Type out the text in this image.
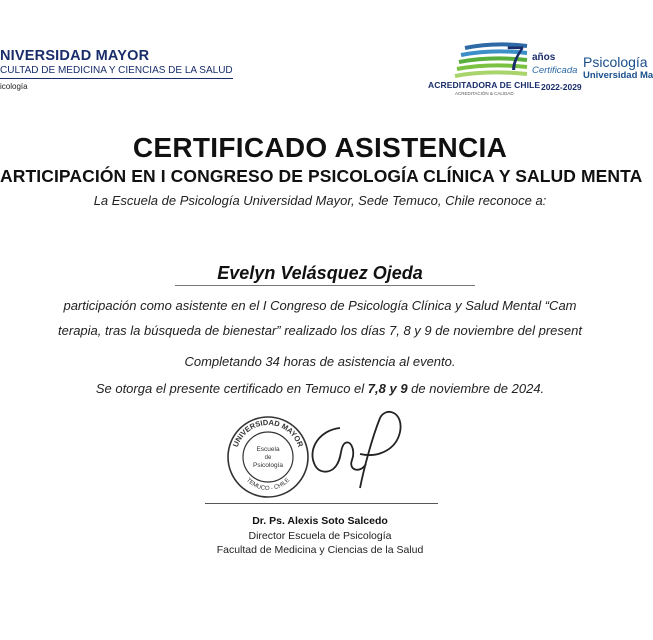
NIVERSIDAD MAYOR
CULTAD DE MEDICINA Y CIENCIAS DE LA SALUD
icología	ACREDITADORA DE CHILE
ACREDITACIÓN & CALIDAD
7 años
Certificada
2022-2029
Psicología
Universidad Ma
CERTIFICADO ASISTENCIA
ARTICIPACIÓN EN I CONGRESO DE PSICOLOGÍA CLÍNICA Y SALUD MENTA
La Escuela de Psicología Universidad Mayor, Sede Temuco, Chile reconoce a:
Evelyn Velásquez Ojeda
participación como asistente en el I Congreso de Psicología Clínica y Salud Mental “Cam
terapia, tras la búsqueda de bienestar” realizado los días 7, 8 y 9 de noviembre del present
Completando 34 horas de asistencia al evento.
Se otorga el presente certificado en Temuco el 7,8 y 9 de noviembre de 2024.
UNIVERSIDAD MAYOR
TEMUCO - CHILE
Escuela
de
Psicología
Dr. Ps. Alexis Soto Salcedo
Director Escuela de Psicología
Facultad de Medicina y Ciencias de la Salud
